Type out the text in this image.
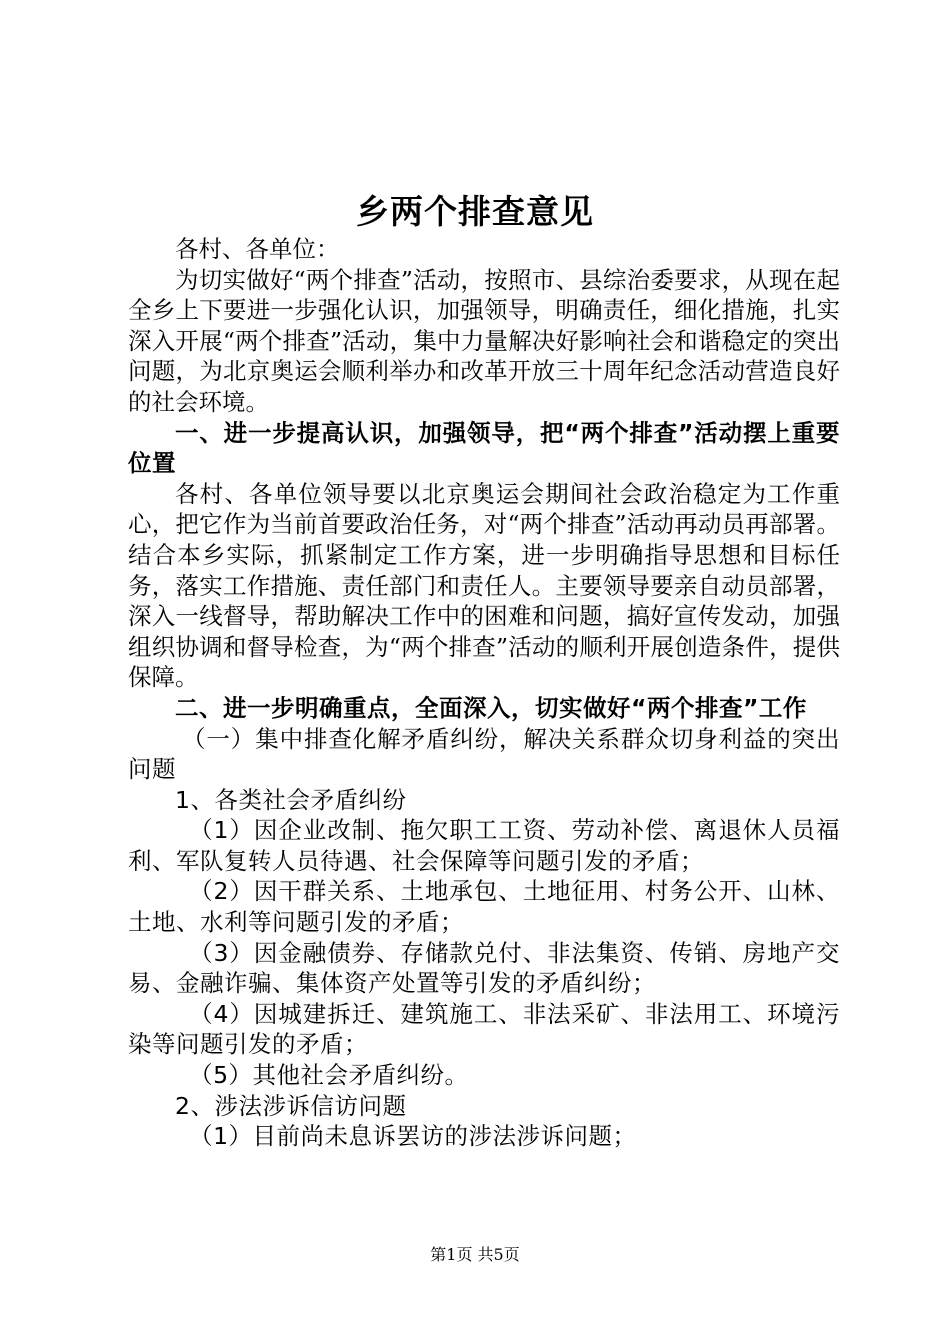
乡两个排查意见

各村、各单位：

为切实做好“两个排查”活动，按照市、县综治委要求，从现在起全乡上下要进一步强化认识，加强领导，明确责任，细化措施，扎实深入开展“两个排查”活动，集中力量解决好影响社会和谐稳定的突出问题，为北京奥运会顺利举办和改革开放三十周年纪念活动营造良好的社会环境。

一、进一步提高认识，加强领导，把“两个排查”活动摆上重要位置

各村、各单位领导要以北京奥运会期间社会政治稳定为工作重心，把它作为当前首要政治任务，对“两个排查”活动再动员再部署。结合本乡实际，抓紧制定工作方案，进一步明确指导思想和目标任务，落实工作措施、责任部门和责任人。主要领导要亲自动员部署，深入一线督导，帮助解决工作中的困难和问题，搞好宣传发动，加强组织协调和督导检查，为“两个排查”活动的顺利开展创造条件，提供保障。

二、进一步明确重点，全面深入，切实做好“两个排查”工作

（一）集中排查化解矛盾纠纷，解决关系群众切身利益的突出问题

1、各类社会矛盾纠纷

（1）因企业改制、拖欠职工工资、劳动补偿、离退休人员福利、军队复转人员待遇、社会保障等问题引发的矛盾；

（2）因干群关系、土地承包、土地征用、村务公开、山林、土地、水利等问题引发的矛盾；

（3）因金融债券、存储款兑付、非法集资、传销、房地产交易、金融诈骗、集体资产处置等引发的矛盾纠纷；

（4）因城建拆迁、建筑施工、非法采矿、非法用工、环境污染等问题引发的矛盾；

（5）其他社会矛盾纠纷。

2、涉法涉诉信访问题

（1）目前尚未息诉罢访的涉法涉诉问题；

第1页 共5页
